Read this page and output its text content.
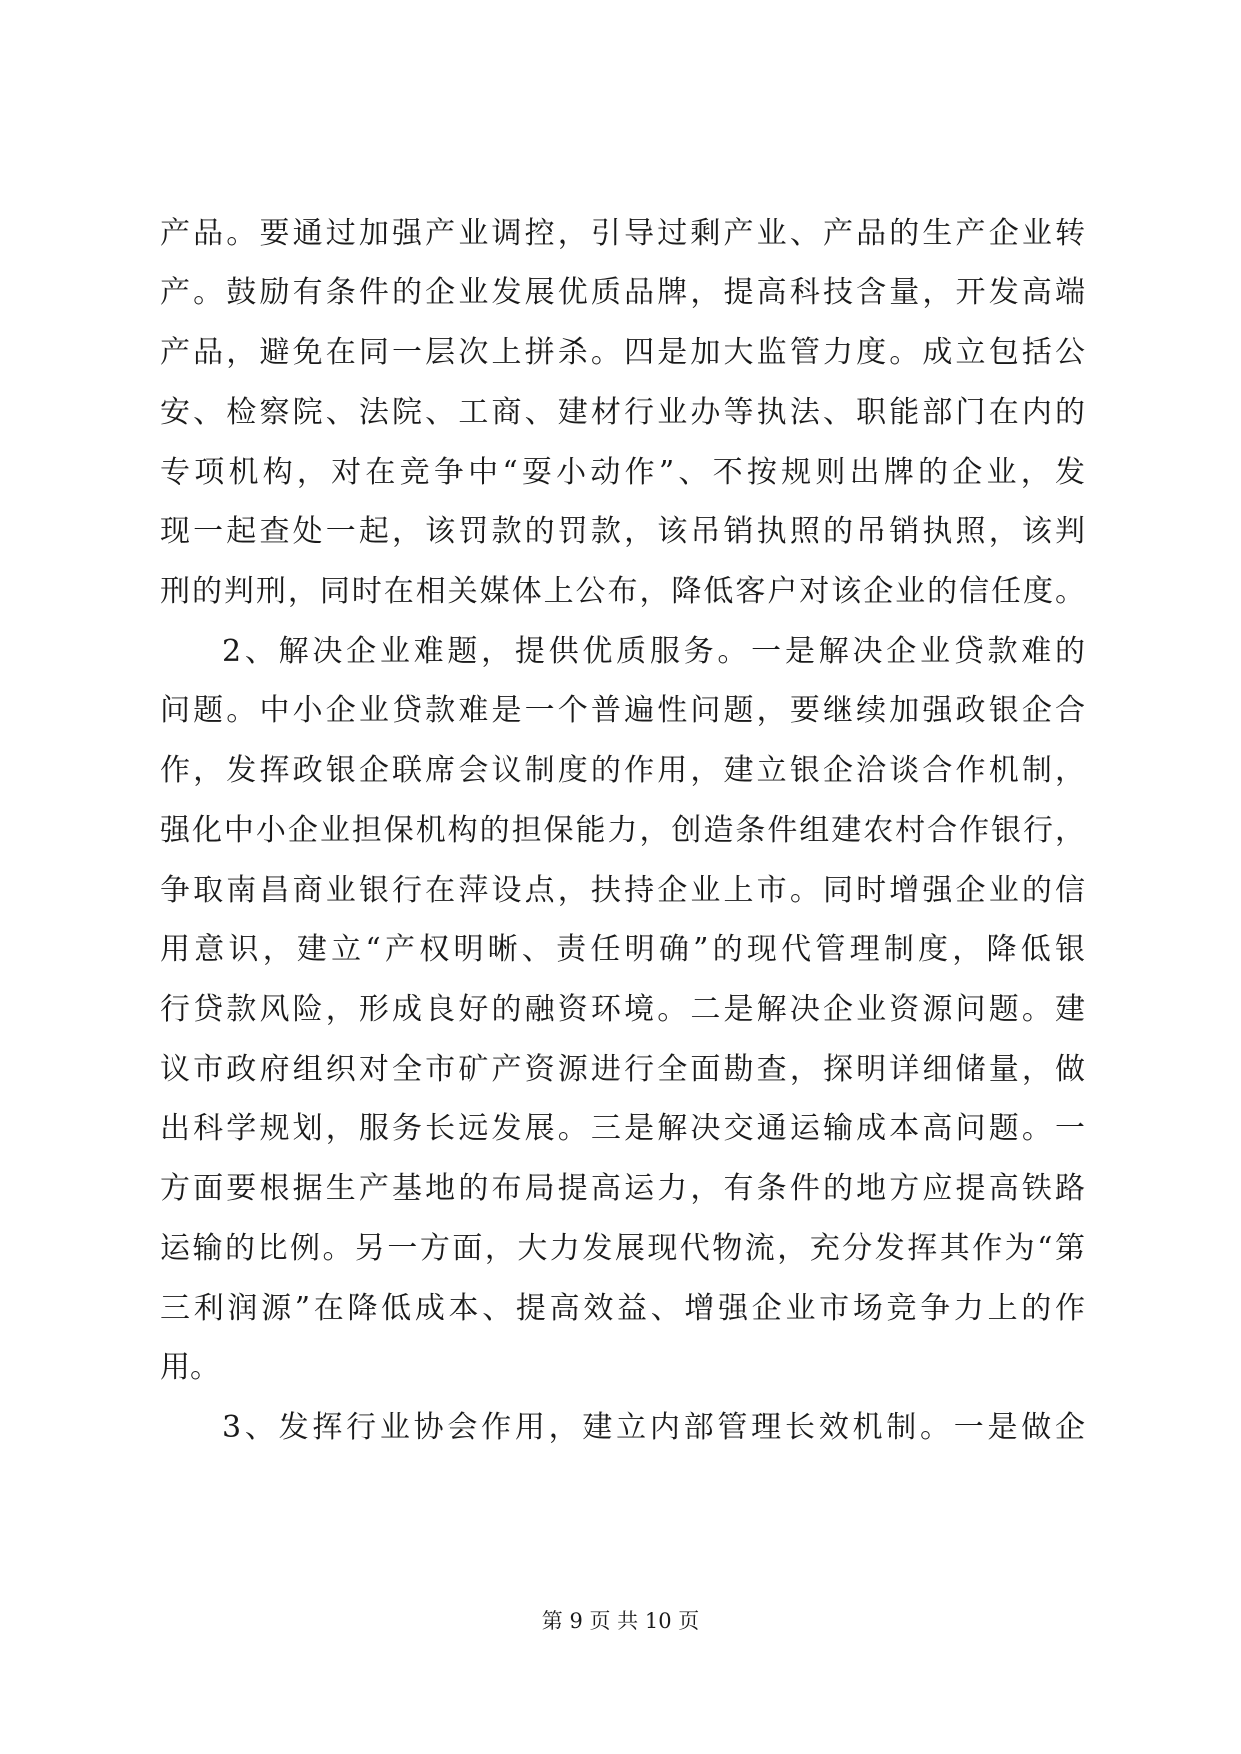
产品。要通过加强产业调控，引导过剩产业、产品的生产企业转
产。鼓励有条件的企业发展优质品牌，提高科技含量，开发高端
产品，避免在同一层次上拼杀。四是加大监管力度。成立包括公
安、检察院、法院、工商、建材行业办等执法、职能部门在内的
专项机构，对在竞争中“耍小动作”、不按规则出牌的企业，发
现一起查处一起，该罚款的罚款，该吊销执照的吊销执照，该判
刑的判刑，同时在相关媒体上公布，降低客户对该企业的信任度。
2、解决企业难题，提供优质服务。一是解决企业贷款难的
问题。中小企业贷款难是一个普遍性问题，要继续加强政银企合
作，发挥政银企联席会议制度的作用，建立银企洽谈合作机制，
强化中小企业担保机构的担保能力，创造条件组建农村合作银行，
争取南昌商业银行在萍设点，扶持企业上市。同时增强企业的信
用意识，建立“产权明晰、责任明确”的现代管理制度，降低银
行贷款风险，形成良好的融资环境。二是解决企业资源问题。建
议市政府组织对全市矿产资源进行全面勘查，探明详细储量，做
出科学规划，服务长远发展。三是解决交通运输成本高问题。一
方面要根据生产基地的布局提高运力，有条件的地方应提高铁路
运输的比例。另一方面，大力发展现代物流，充分发挥其作为“第
三利润源”在降低成本、提高效益、增强企业市场竞争力上的作
用。
3、发挥行业协会作用，建立内部管理长效机制。一是做企
第 9 页 共 10 页
